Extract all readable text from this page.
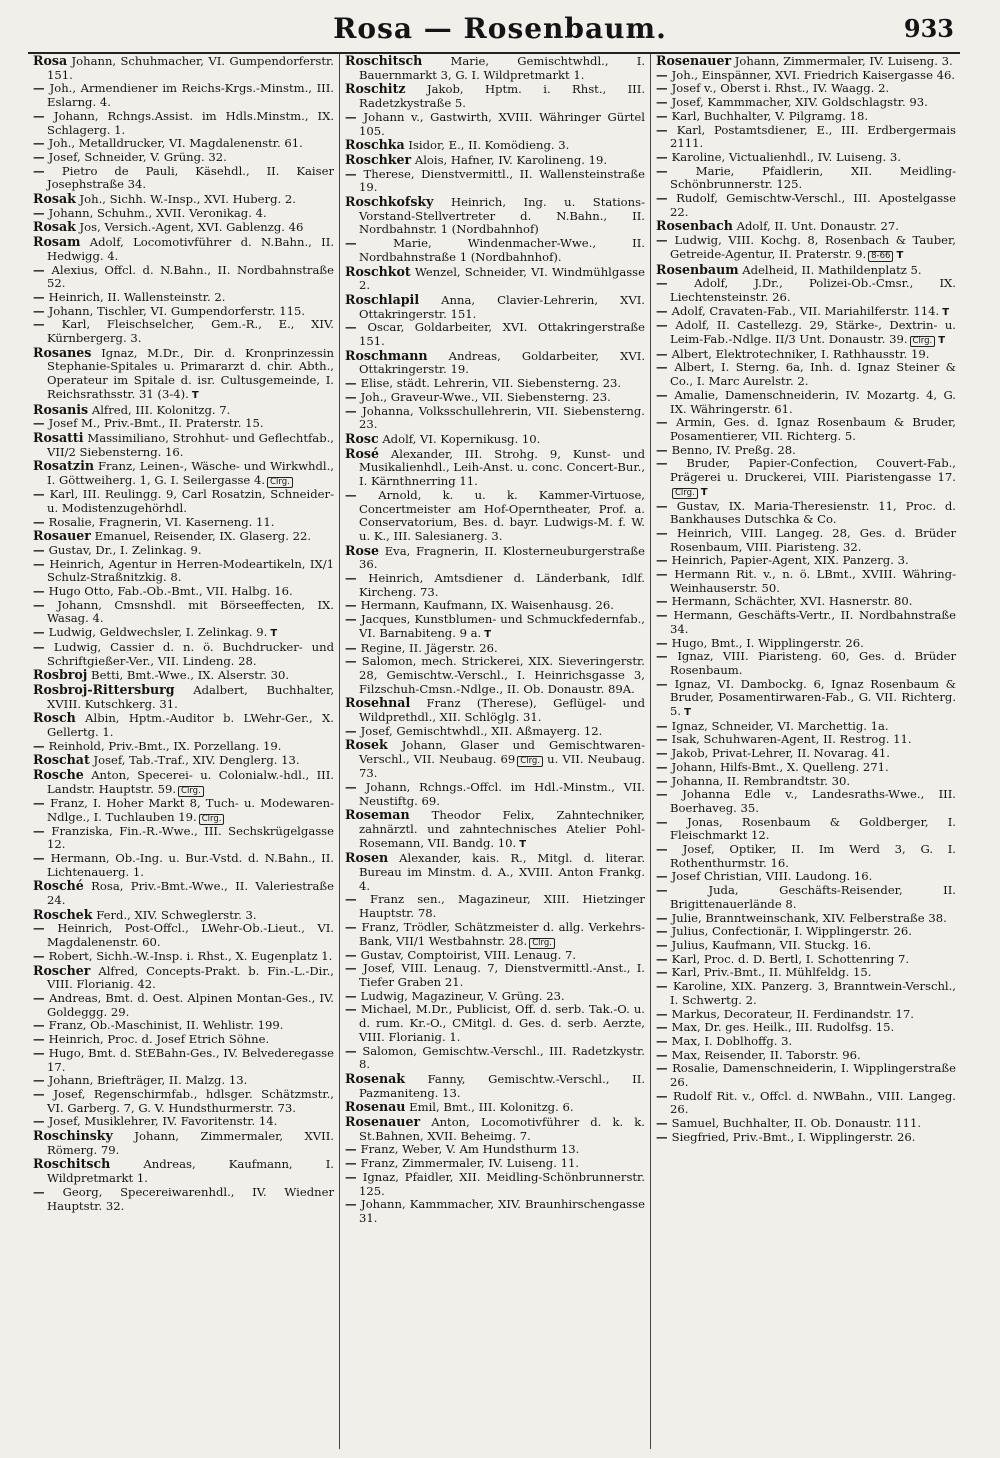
Rosa — Rosenbaum.	933

Rosa Johann, Schuhmacher, VI. Gumpendorferstr. 151.

— Joh., Armendiener im Reichs-Krgs.-Minstm., III. Eslarng. 4.

— Johann, Rchngs.Assist. im Hdls.Minstm., IX. Schlagerg. 1.

— Joh., Metalldrucker, VI. Magdalenenstr. 61.

— Josef, Schneider, V. Grüng. 32.

— Pietro de Pauli, Käsehdl., II. Kaiser Josephstraße 34.

Rosak Joh., Sichh. W.-Insp., XVI. Huberg. 2.

— Johann, Schuhm., XVII. Veronikag. 4.

Rosak Jos, Versich.-Agent, XVI. Gablenzg. 46

Rosam Adolf, Locomotivführer d. N.Bahn., II. Hedwigg. 4.

— Alexius, Offcl. d. N.Bahn., II. Nordbahnstraße 52.

— Heinrich, II. Wallensteinstr. 2.

— Johann, Tischler, VI. Gumpendorferstr. 115.

— Karl, Fleischselcher, Gem.-R., E., XIV. Kürnbergerg. 3.

Rosanes Ignaz, M.Dr., Dir. d. Kronprinzessin Stephanie-Spitales u. Primararzt d. chir. Abth., Operateur im Spitale d. isr. Cultusgemeinde, I. Reichsrathsstr. 31 (3-4). T

Rosanis Alfred, III. Kolonitzg. 7.

— Josef M., Priv.-Bmt., II. Praterstr. 15.

Rosatti Massimiliano, Strohhut- und Geflechtfab., VII/2 Siebensterng. 16.

Rosatzin Franz, Leinen-, Wäsche- und Wirkwhdl., I. Göttweiherg. 1, G. I. Seilergasse 4. Clrg.

— Karl, III. Reulingg. 9, Carl Rosatzin, Schneider- u. Modistenzugehörhdl.

— Rosalie, Fragnerin, VI. Kaserneng. 11.

Rosauer Emanuel, Reisender, IX. Glaserg. 22.

— Gustav, Dr., I. Zelinkag. 9.

— Heinrich, Agentur in Herren-Modeartikeln, IX/1 Schulz-Straßnitzkig. 8.

— Hugo Otto, Fab.-Ob.-Bmt., VII. Halbg. 16.

— Johann, Cmsnshdl. mit Börseeffecten, IX. Wasag. 4.

— Ludwig, Geldwechsler, I. Zelinkag. 9. T

— Ludwig, Cassier d. n. ö. Buchdrucker- und Schriftgießer-Ver., VII. Lindeng. 28.

Rosbroj Betti, Bmt.-Wwe., IX. Alserstr. 30.

Rosbroj-Rittersburg Adalbert, Buchhalter, XVIII. Kutschkerg. 31.

Rosch Albin, Hptm.-Auditor b. LWehr-Ger., X. Gellertg. 1.

— Reinhold, Priv.-Bmt., IX. Porzellang. 19.

Roschat Josef, Tab.-Traf., XIV. Denglerg. 13.

Rosche Anton, Specerei- u. Colonialw.-hdl., III. Landstr. Hauptstr. 59. Clrg.

— Franz, I. Hoher Markt 8, Tuch- u. Modewaren-Ndlge., I. Tuchlauben 19. Clrg.

— Franziska, Fin.-R.-Wwe., III. Sechskrügelgasse 12.

— Hermann, Ob.-Ing. u. Bur.-Vstd. d. N.Bahn., II. Lichtenauerg. 1.

Rosché Rosa, Priv.-Bmt.-Wwe., II. Valeriestraße 24.

Roschek Ferd., XIV. Schweglerstr. 3.

— Heinrich, Post-Offcl., LWehr-Ob.-Lieut., VI. Magdalenenstr. 60.

— Robert, Sichh.-W.-Insp. i. Rhst., X. Eugenplatz 1.

Roscher Alfred, Concepts-Prakt. b. Fin.-L.-Dir., VIII. Florianig. 42.

— Andreas, Bmt. d. Oest. Alpinen Montan-Ges., IV. Goldeggg. 29.

— Franz, Ob.-Maschinist, II. Wehlistr. 199.

— Heinrich, Proc. d. Josef Etrich Söhne.

— Hugo, Bmt. d. StEBahn-Ges., IV. Belvederegasse 17.

— Johann, Briefträger, II. Malzg. 13.

— Josef, Regenschirmfab., hdlsger. Schätzmstr., VI. Garberg. 7, G. V. Hundsthurmerstr. 73.

— Josef, Musiklehrer, IV. Favoritenstr. 14.

Roschinsky Johann, Zimmermaler, XVII. Römerg. 79.

Roschitsch	Andreas, Kaufmann, I. Wildpretmarkt 1.

— Georg, Specereiwarenhdl., IV. Wiedner Hauptstr. 32.

Roschitsch Marie, Gemischtwhdl., I. Bauernmarkt 3, G. I. Wildpretmarkt 1.

Roschitz Jakob, Hptm. i. Rhst., III. Radetzkystraße 5.

— Johann v., Gastwirth, XVIII. Währinger Gürtel 105.

Roschka Isidor, E., II. Komödieng. 3.

Roschker Alois, Hafner, IV. Karolineng. 19.

— Therese, Dienstvermittl., II. Wallensteinstraße 19.

Roschkofsky Heinrich, Ing. u. Stations-Vorstand-Stellvertreter d. N.Bahn., II. Nordbahnstr. 1 (Nordbahnhof)

— Marie, Windenmacher-Wwe., II. Nordbahnstraße 1 (Nordbahnhof).

Roschkot Wenzel, Schneider, VI. Windmühlgasse 2.

Roschlapil Anna, Clavier-Lehrerin, XVI. Ottakringerstr. 151.

— Oscar, Goldarbeiter, XVI. Ottakringerstraße 151.

Roschmann Andreas, Goldarbeiter, XVI. Ottakringerstr. 19.

— Elise, städt. Lehrerin, VII. Siebensterng. 23.

— Joh., Graveur-Wwe., VII. Siebensterng. 23.

— Johanna, Volksschullehrerin, VII. Siebensterng. 23.

Rosc Adolf, VI. Kopernikusg. 10.

Rosé Alexander, III. Strohg. 9, Kunst- und Musikalienhdl., Leih-Anst. u. conc. Concert-Bur., I. Kärnthnerring 11.

— Arnold, k. u. k. Kammer-Virtuose, Concertmeister am Hof-Operntheater, Prof. a. Conservatorium, Bes. d. bayr. Ludwigs-M. f. W. u. K., III. Salesianerg. 3.

Rose Eva, Fragnerin, II. Klosterneuburgerstraße 36.

— Heinrich, Amtsdiener d. Länderbank, Idlf. Kircheng. 73.

— Hermann, Kaufmann, IX. Waisenhausg. 26.

— Jacques, Kunstblumen- und Schmuckfedernfab., VI. Barnabiteng. 9 a. T

— Regine, II. Jägerstr. 26.

— Salomon, mech. Strickerei, XIX. Sieveringerstr. 28, Gemischtw.-Verschl., I. Heinrichsgasse 3, Filzschuh-Cmsn.-Ndlge., II. Ob. Donaustr. 89A.

Rosehnal Franz (Therese), Geflügel- und Wildprethdl., XII. Schlöglg. 31.

— Josef, Gemischtwhdl., XII. Aßmayerg. 12.

Rosek Johann, Glaser und Gemischtwaren-Verschl., VII. Neubaug. 69 Clrg. u. VII. Neubaug. 73.

— Johann, Rchngs.-Offcl. im Hdl.-Minstm., VII. Neustiftg. 69.

Roseman Theodor Felix, Zahntechniker, zahnärztl. und zahntechnisches Atelier Pohl-Rosemann, VII. Bandg. 10. T

Rosen Alexander, kais. R., Mitgl. d. literar. Bureau im Minstm. d. A., XVIII. Anton Frankg. 4.

— Franz sen., Magazineur, XIII. Hietzinger Hauptstr. 78.

— Franz, Trödler, Schätzmeister d. allg. Verkehrs-Bank, VII/1 Westbahnstr. 28. Clrg.

— Gustav, Comptoirist, VIII. Lenaug. 7.

— Josef, VIII. Lenaug. 7, Dienstvermittl.-Anst., I. Tiefer Graben 21.

— Ludwig, Magazineur, V. Grüng. 23.

— Michael, M.Dr., Publicist, Off. d. serb. Tak.-O. u. d. rum. Kr.-O., CMitgl. d. Ges. d. serb. Aerzte, VIII. Florianig. 1.

— Salomon, Gemischtw.-Verschl., III. Radetzkystr. 8.

Rosenak Fanny, Gemischtw.-Verschl., II. Pazmaniteng. 13.

Rosenau Emil, Bmt., III. Kolonitzg. 6.

Rosenauer Anton, Locomotivführer d. k. k. St.Bahnen, XVII. Beheimg. 7.

— Franz, Weber, V. Am Hundsthurm 13.

— Franz, Zimmermaler, IV. Luiseng. 11.

— Ignaz, Pfaidler, XII. Meidling-Schönbrunnerstr. 125.

— Johann, Kammmacher, XIV. Braunhirschengasse 31.

Rosenauer Johann, Zimmermaler, IV. Luiseng. 3.

— Joh., Einspänner, XVI. Friedrich Kaisergasse 46.

— Josef v., Oberst i. Rhst., IV. Waagg. 2.

— Josef, Kammmacher, XIV. Goldschlagstr. 93.

— Karl, Buchhalter, V. Pilgramg. 18.

— Karl, Postamtsdiener, E., III. Erdbergermais 2111.

— Karoline, Victualienhdl., IV. Luiseng. 3.

— Marie, Pfaidlerin, XII. Meidling-Schönbrunnerstr. 125.

— Rudolf, Gemischtw-Verschl., III. Apostelgasse 22.

Rosenbach Adolf, II. Unt. Donaustr. 27.

— Ludwig, VIII. Kochg. 8, Rosenbach & Tauber, Getreide-Agentur, II. Praterstr. 9. 8-66 T

Rosenbaum Adelheid, II. Mathildenplatz 5.

— Adolf, J.Dr., Polizei-Ob.-Cmsr., IX. Liechtensteinstr. 26.

— Adolf, Cravaten-Fab., VII. Mariahilferstr. 114. T

— Adolf, II. Castellezg. 29, Stärke-, Dextrin- u. Leim-Fab.-Ndlge. II/3 Unt. Donaustr. 39. Clrg. T

— Albert, Elektrotechniker, I. Rathhausstr. 19.

— Albert, I. Sterng. 6a, Inh. d. Ignaz Steiner & Co., I. Marc Aurelstr. 2.

— Amalie, Damenschneiderin, IV. Mozartg. 4, G. IX. Währingerstr. 61.

— Armin, Ges. d. Ignaz Rosenbaum & Bruder, Posamentierer, VII. Richterg. 5.

— Benno, IV. Preßg. 28.

— Bruder, Papier-Confection, Couvert-Fab., Prägerei u. Druckerei, VIII. Piaristengasse 17.Clrg. T

— Gustav, IX. Maria-Theresienstr. 11, Proc. d. Bankhauses Dutschka & Co.

— Heinrich, VIII. Langeg. 28, Ges. d. Brüder Rosenbaum, VIII. Piaristeng. 32.

— Heinrich, Papier-Agent, XIX. Panzerg. 3.

— Hermann Rit. v., n. ö. LBmt., XVIII. Währing-Weinhauserstr. 50.

— Hermann, Schächter, XVI. Hasnerstr. 80.

— Hermann, Geschäfts-Vertr., II. Nordbahnstraße 34.

— Hugo, Bmt., I. Wipplingerstr. 26.

— Ignaz, VIII. Piaristeng. 60, Ges. d. Brüder Rosenbaum.

— Ignaz, VI. Dambockg. 6, Ignaz Rosenbaum & Bruder, Posamentirwaren-Fab., G. VII. Richterg. 5. T

— Ignaz, Schneider, VI. Marchettig. 1a.

— Isak, Schuhwaren-Agent, II. Restrog. 11.

— Jakob, Privat-Lehrer, II. Novarag. 41.

— Johann, Hilfs-Bmt., X. Quelleng. 271.

— Johanna, II. Rembrandtstr. 30.

— Johanna Edle v., Landesraths-Wwe., III. Boerhaveg. 35.

— Jonas, Rosenbaum & Goldberger, I. Fleischmarkt 12.

— Josef, Optiker, II. Im Werd 3, G. I. Rothenthurmstr. 16.

— Josef Christian, VIII. Laudong. 16.

— Juda, Geschäfts-Reisender, II. Brigittenauerlände 8.

— Julie, Branntweinschank, XIV. Felberstraße 38.

— Julius, Confectionär, I. Wipplingerstr. 26.

— Julius, Kaufmann, VII. Stuckg. 16.

— Karl, Proc. d. D. Bertl, I. Schottenring 7.

— Karl, Priv.-Bmt., II. Mühlfeldg. 15.

— Karoline, XIX. Panzerg. 3, Branntwein-Verschl., I. Schwertg. 2.

— Markus, Decorateur, II. Ferdinandstr. 17.

— Max, Dr. ges. Heilk., III. Rudolfsg. 15.

— Max, I. Doblhoffg. 3.

— Max, Reisender, II. Taborstr. 96.

— Rosalie, Damenschneiderin, I. Wipplingerstraße 26.

— Rudolf Rit. v., Offcl. d. NWBahn., VIII. Langeg. 26.

— Samuel, Buchhalter, II. Ob. Donaustr. 111.

— Siegfried, Priv.-Bmt., I. Wipplingerstr. 26.
